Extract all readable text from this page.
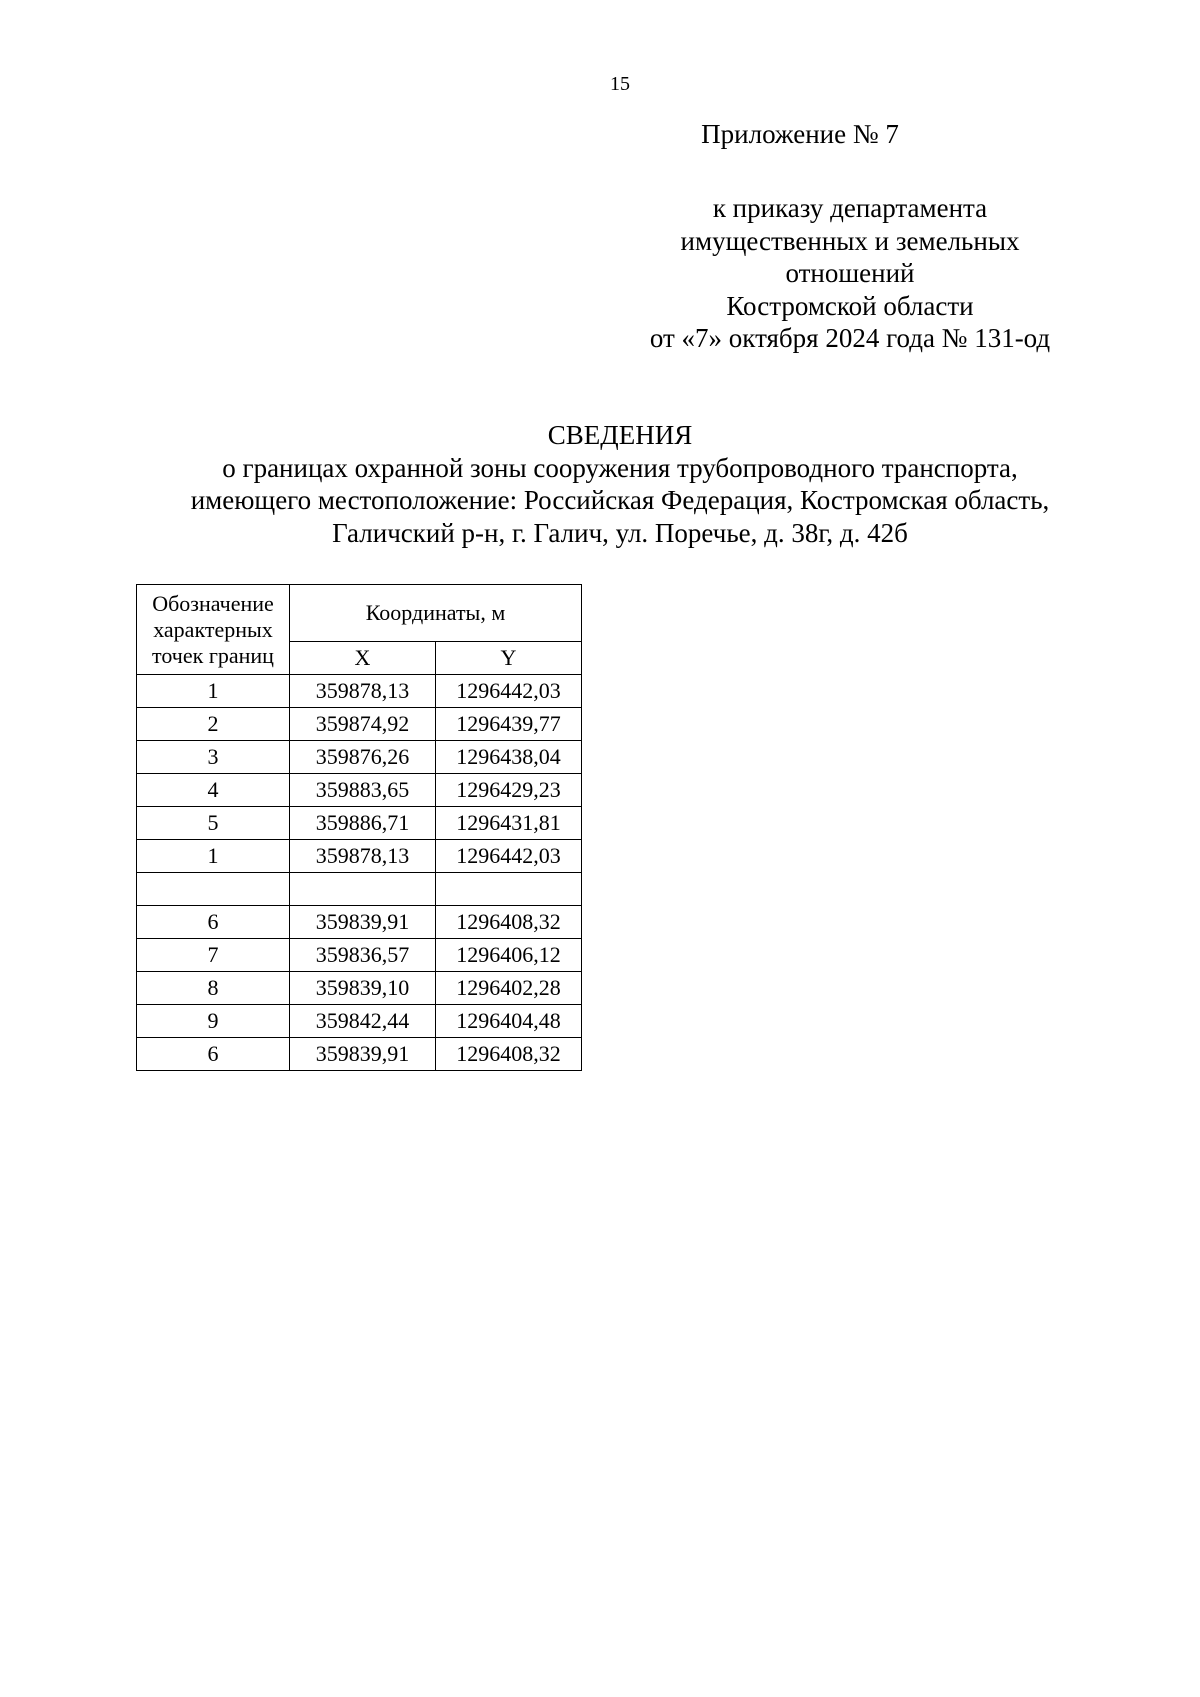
15
Приложение № 7
к приказу департамента
имущественных и земельных
отношений
Костромской области
от «7» октября 2024 года № 131-од
СВЕДЕНИЯ
о границах охранной зоны сооружения трубопроводного транспорта,
имеющего местоположение: Российская Федерация, Костромская область,
Галичский р-н, г. Галич, ул. Поречье, д. 38г, д. 42б
Обозначение
характерных
точек границ	Координаты, м	
	X	Y
1	359878,13	1296442,03
2	359874,92	1296439,77
3	359876,26	1296438,04
4	359883,65	1296429,23
5	359886,71	1296431,81
1	359878,13	1296442,03

6	359839,91	1296408,32
7	359836,57	1296406,12
8	359839,10	1296402,28
9	359842,44	1296404,48
6	359839,91	1296408,32
